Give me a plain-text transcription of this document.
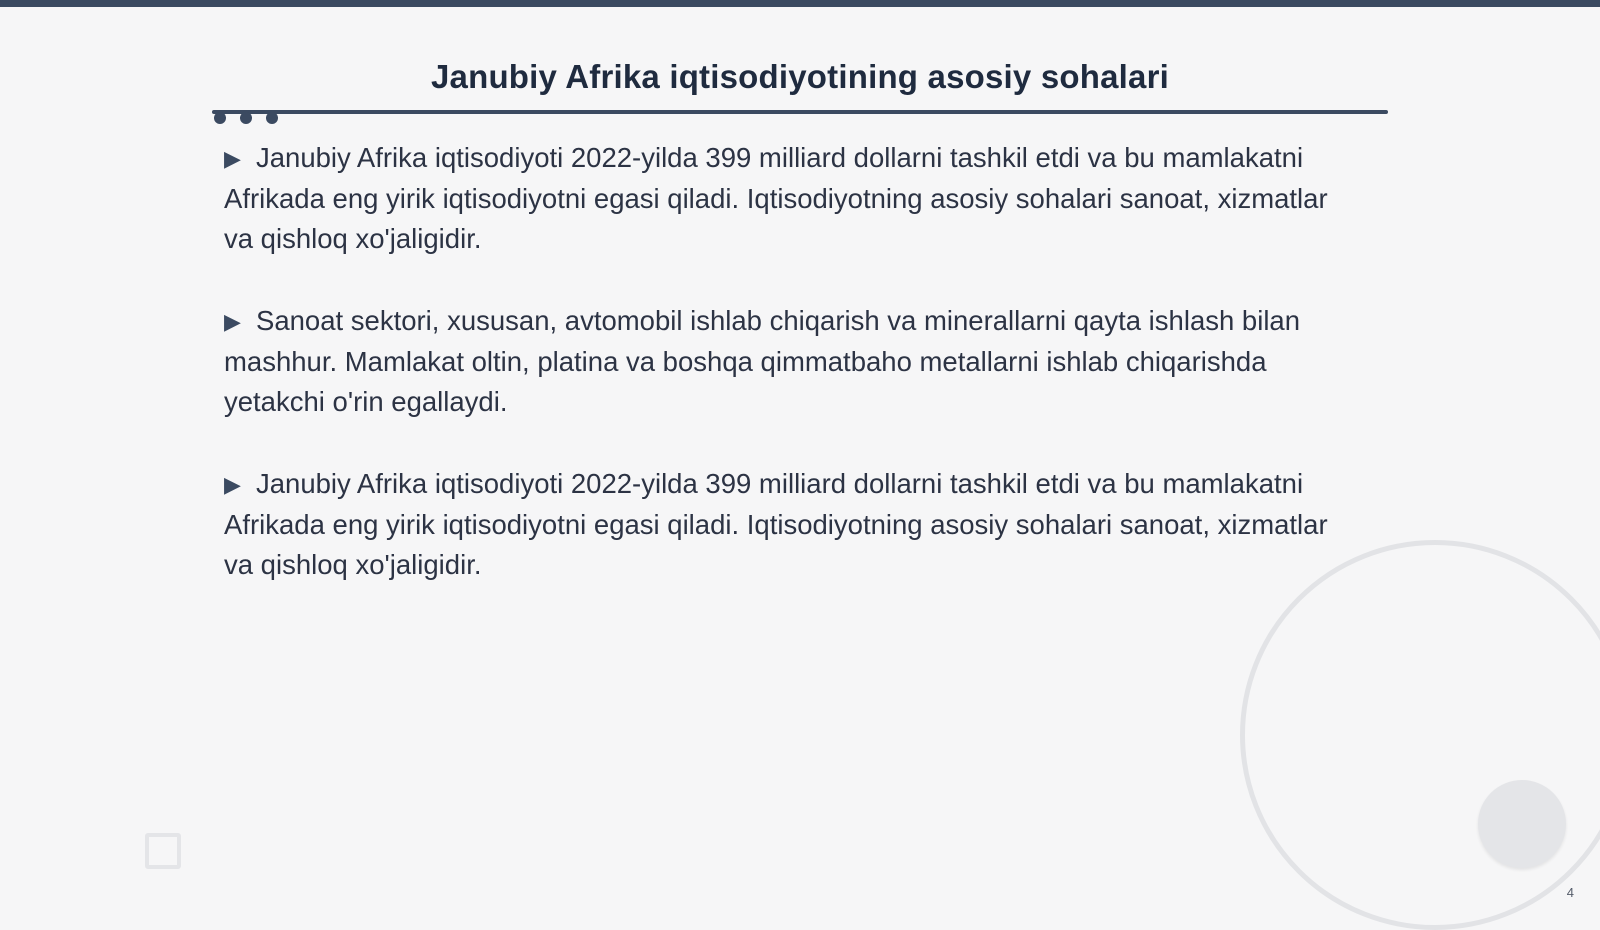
Janubiy Afrika iqtisodiyotining asosiy sohalari

▶ Janubiy Afrika iqtisodiyoti 2022-yilda 399 milliard dollarni tashkil etdi va bu mamlakatni Afrikada eng yirik iqtisodiyotni egasi qiladi. Iqtisodiyotning asosiy sohalari sanoat, xizmatlar va qishloq xo'jaligidir.

▶ Sanoat sektori, xususan, avtomobil ishlab chiqarish va minerallarni qayta ishlash bilan mashhur. Mamlakat oltin, platina va boshqa qimmatbaho metallarni ishlab chiqarishda yetakchi o'rin egallaydi.

▶ Janubiy Afrika iqtisodiyoti 2022-yilda 399 milliard dollarni tashkil etdi va bu mamlakatni Afrikada eng yirik iqtisodiyotni egasi qiladi. Iqtisodiyotning asosiy sohalari sanoat, xizmatlar va qishloq xo'jaligidir.

4
